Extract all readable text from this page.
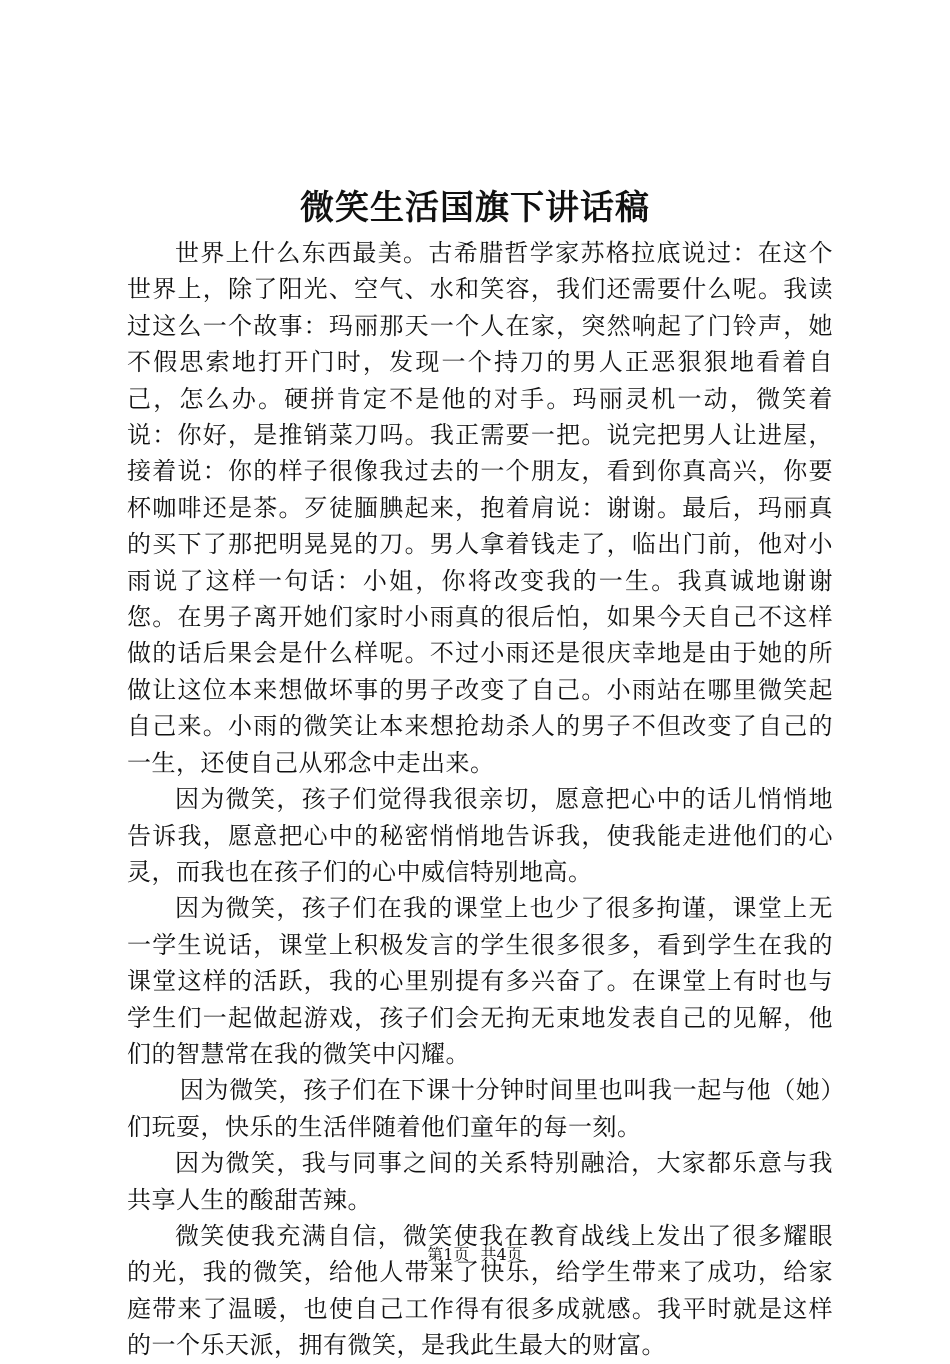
微笑生活国旗下讲话稿

世界上什么东西最美。古希腊哲学家苏格拉底说过：在这个世界上，除了阳光、空气、水和笑容，我们还需要什么呢。我读过这么一个故事：玛丽那天一个人在家，突然响起了门铃声，她不假思索地打开门时，发现一个持刀的男人正恶狠狠地看着自己，怎么办。硬拼肯定不是他的对手。玛丽灵机一动，微笑着说：你好，是推销菜刀吗。我正需要一把。说完把男人让进屋，接着说：你的样子很像我过去的一个朋友，看到你真高兴，你要杯咖啡还是茶。歹徒腼腆起来，抱着肩说：谢谢。最后，玛丽真的买下了那把明晃晃的刀。男人拿着钱走了，临出门前，他对小雨说了这样一句话：小姐，你将改变我的一生。我真诚地谢谢您。在男子离开她们家时小雨真的很后怕，如果今天自己不这样做的话后果会是什么样呢。不过小雨还是很庆幸地是由于她的所做让这位本来想做坏事的男子改变了自己。小雨站在哪里微笑起自己来。小雨的微笑让本来想抢劫杀人的男子不但改变了自己的一生，还使自己从邪念中走出来。

因为微笑，孩子们觉得我很亲切，愿意把心中的话儿悄悄地告诉我，愿意把心中的秘密悄悄地告诉我，使我能走进他们的心灵，而我也在孩子们的心中威信特别地高。

因为微笑，孩子们在我的课堂上也少了很多拘谨，课堂上无一学生说话，课堂上积极发言的学生很多很多，看到学生在我的课堂这样的活跃，我的心里别提有多兴奋了。在课堂上有时也与学生们一起做起游戏，孩子们会无拘无束地发表自己的见解，他们的智慧常在我的微笑中闪耀。

因为微笑，孩子们在下课十分钟时间里也叫我一起与他（她）们玩耍，快乐的生活伴随着他们童年的每一刻。

因为微笑，我与同事之间的关系特别融洽，大家都乐意与我共享人生的酸甜苦辣。

微笑使我充满自信，微笑使我在教育战线上发出了很多耀眼的光，我的微笑，给他人带来了快乐，给学生带来了成功，给家庭带来了温暖，也使自己工作得有很多成就感。我平时就是这样的一个乐天派，拥有微笑，是我此生最大的财富。

第1页 共4页
